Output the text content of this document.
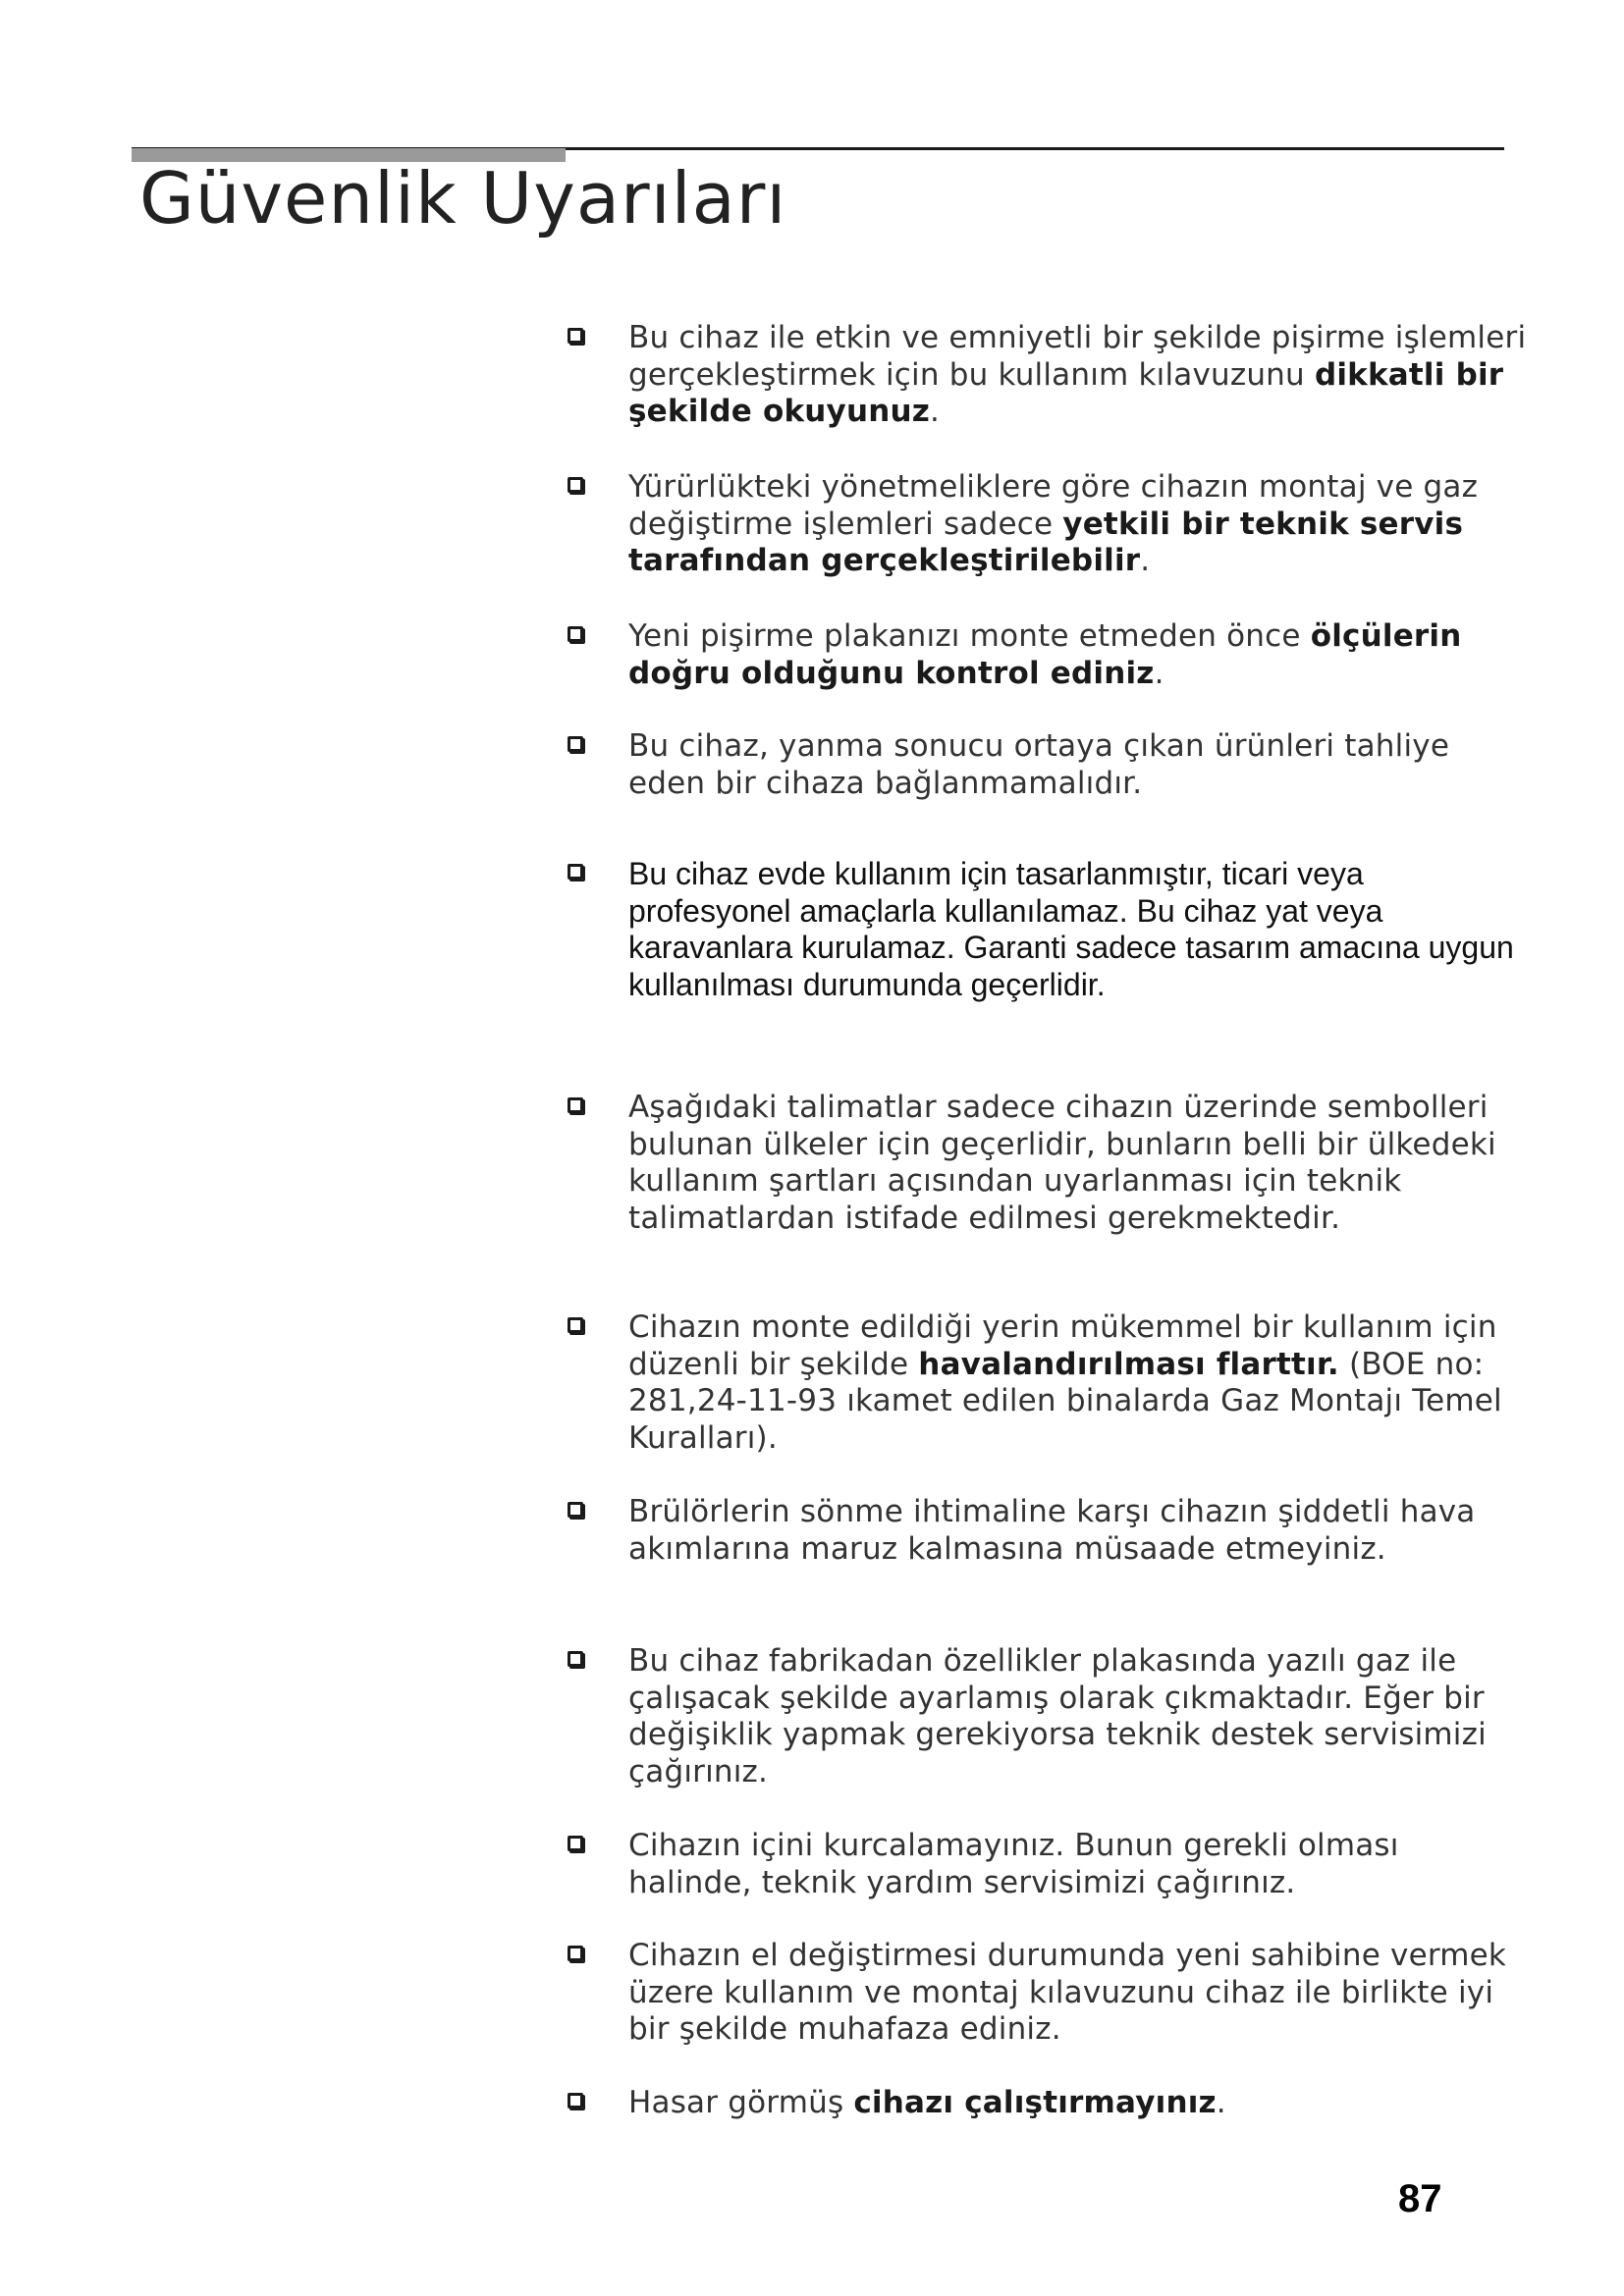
Güvenlik Uyarıları
Bu cihaz ile etkin ve emniyetli bir şekilde pişirme işlemleri gerçekleştirmek için bu kullanım kılavuzunu dikkatli bir şekilde okuyunuz.
Yürürlükteki yönetmeliklere göre cihazın montaj ve gaz değiştirme işlemleri sadece yetkili bir teknik servis tarafından gerçekleştirilebilir.
Yeni pişirme plakanızı monte etmeden önce ölçülerin doğru olduğunu kontrol ediniz.
Bu cihaz, yanma sonucu ortaya çıkan ürünleri tahliye eden bir cihaza bağlanmamalıdır.
Bu cihaz evde kullanım için tasarlanmıştır, ticari veya profesyonel amaçlarla kullanılamaz. Bu cihaz yat veya karavanlara kurulamaz. Garanti sadece tasarım amacına uygun kullanılması durumunda geçerlidir.
Aşağıdaki talimatlar sadece cihazın üzerinde sembolleri bulunan ülkeler için geçerlidir, bunların belli bir ülkedeki kullanım şartları açısından uyarlanması için teknik talimatlardan istifade edilmesi gerekmektedir.
Cihazın monte edildiği yerin mükemmel bir kullanım için düzenli bir şekilde havalandırılması flarttır. (BOE no: 281,24-11-93 ıkamet edilen binalarda Gaz Montajı Temel Kuralları).
Brülörlerin sönme ihtimaline karşı cihazın şiddetli hava akımlarına maruz kalmasına müsaade etmeyiniz.
Bu cihaz fabrikadan özellikler plakasında yazılı gaz ile çalışacak şekilde ayarlamış olarak çıkmaktadır. Eğer bir değişiklik yapmak gerekiyorsa teknik destek servisimizi çağırınız.
Cihazın içini kurcalamayınız. Bunun gerekli olması halinde, teknik yardım servisimizi çağırınız.
Cihazın el değiştirmesi durumunda yeni sahibine vermek üzere kullanım ve montaj kılavuzunu cihaz ile birlikte iyi bir şekilde muhafaza ediniz.
Hasar görmüş cihazı çalıştırmayınız.
87
